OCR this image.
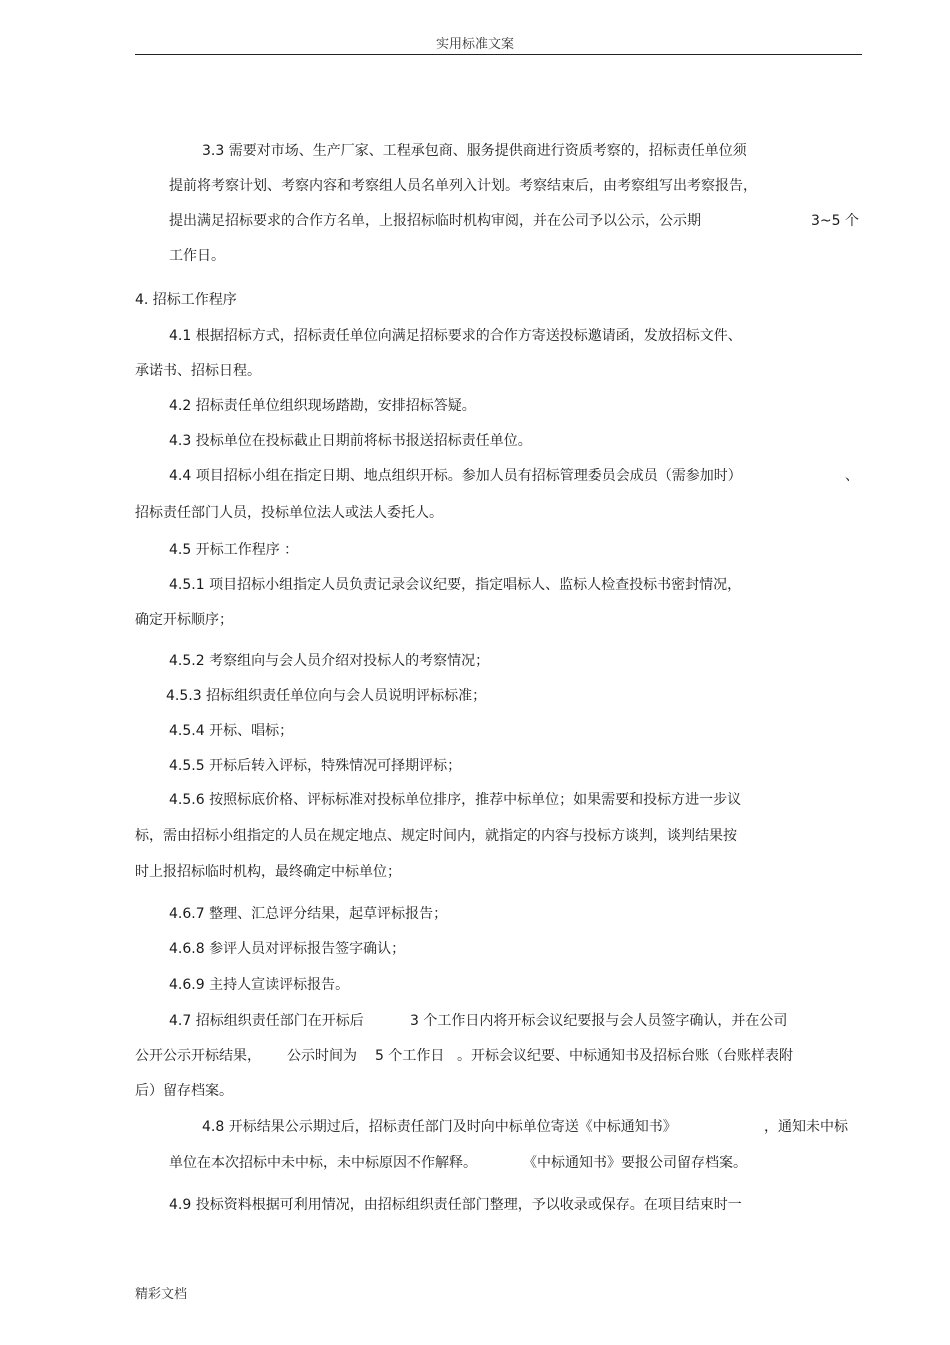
实用标准文案
3.3 需要对市场、生产厂家、工程承包商、服务提供商进行资质考察的，招标责任单位须
提前将考察计划、考察内容和考察组人员名单列入计划。考察结束后，由考察组写出考察报告，
提出满足招标要求的合作方名单，上报招标临时机构审阅，并在公司予以公示，公示期	3~5 个
工作日。
4. 招标工作程序
4.1 根据招标方式，招标责任单位向满足招标要求的合作方寄送投标邀请函，发放招标文件、
承诺书、招标日程。
4.2 招标责任单位组织现场踏勘，安排招标答疑。
4.3 投标单位在投标截止日期前将标书报送招标责任单位。
4.4 项目招标小组在指定日期、地点组织开标。参加人员有招标管理委员会成员（需参加时）	、
招标责任部门人员，投标单位法人或法人委托人。
4.5 开标工作程序 ：
4.5.1 项目招标小组指定人员负责记录会议纪要，指定唱标人、监标人检查投标书密封情况，
确定开标顺序；
4.5.2 考察组向与会人员介绍对投标人的考察情况；
4.5.3 招标组织责任单位向与会人员说明评标标准；
4.5.4 开标、唱标；
4.5.5 开标后转入评标，特殊情况可择期评标；
4.5.6 按照标底价格、评标标准对投标单位排序，推荐中标单位；如果需要和投标方进一步议
标，需由招标小组指定的人员在规定地点、规定时间内，就指定的内容与投标方谈判，谈判结果按
时上报招标临时机构，最终确定中标单位；
4.6.7 整理、汇总评分结果，起草评标报告；
4.6.8 参评人员对评标报告签字确认；
4.6.9 主持人宣读评标报告。
4.7 招标组织责任部门在开标后	3 个工作日内将开标会议纪要报与会人员签字确认，并在公司
公开公示开标结果， 公示时间为 5 个工作日 。开标会议纪要、中标通知书及招标台账（台账样表附
后）留存档案。
4.8 开标结果公示期过后，招标责任部门及时向中标单位寄送《中标通知书》	，通知未中标
单位在本次招标中未中标，未中标原因不作解释。	《中标通知书》要报公司留存档案。
4.9 投标资料根据可利用情况，由招标组织责任部门整理，予以收录或保存。在项目结束时一
精彩文档
